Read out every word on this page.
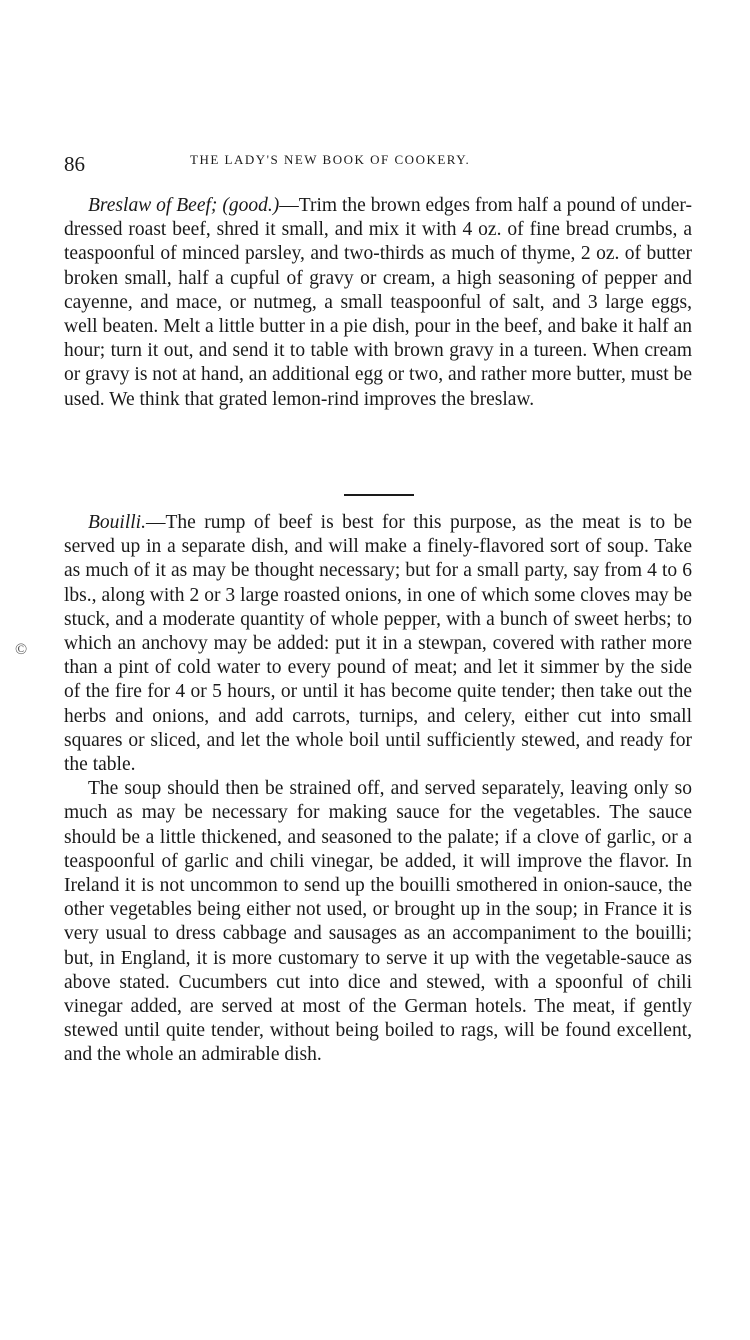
86	THE LADY'S NEW BOOK OF COOKERY.

Breslaw of Beef; (good.)—Trim the brown edges from half a pound of under-dressed roast beef, shred it small, and mix it with 4 oz. of fine bread crumbs, a teaspoonful of minced parsley, and two-thirds as much of thyme, 2 oz. of butter broken small, half a cupful of gravy or cream, a high seasoning of pepper and cayenne, and mace, or nutmeg, a small teaspoonful of salt, and 3 large eggs, well beaten. Melt a little butter in a pie dish, pour in the beef, and bake it half an hour; turn it out, and send it to table with brown gravy in a tureen. When cream or gravy is not at hand, an additional egg or two, and rather more butter, must be used. We think that grated lemon-rind improves the breslaw.

©

Bouilli.—The rump of beef is best for this purpose, as the meat is to be served up in a separate dish, and will make a finely-flavored sort of soup. Take as much of it as may be thought necessary; but for a small party, say from 4 to 6 lbs., along with 2 or 3 large roasted onions, in one of which some cloves may be stuck, and a moderate quantity of whole pepper, with a bunch of sweet herbs; to which an anchovy may be added: put it in a stewpan, covered with rather more than a pint of cold water to every pound of meat; and let it simmer by the side of the fire for 4 or 5 hours, or until it has become quite tender; then take out the herbs and onions, and add carrots, turnips, and celery, either cut into small squares or sliced, and let the whole boil until sufficiently stewed, and ready for the table.

The soup should then be strained off, and served separately, leaving only so much as may be necessary for making sauce for the vegetables. The sauce should be a little thickened, and seasoned to the palate; if a clove of garlic, or a teaspoonful of garlic and chili vinegar, be added, it will improve the flavor. In Ireland it is not uncommon to send up the bouilli smothered in onion-sauce, the other vegetables being either not used, or brought up in the soup; in France it is very usual to dress cabbage and sausages as an accompaniment to the bouilli; but, in England, it is more customary to serve it up with the vegetable-sauce as above stated. Cucumbers cut into dice and stewed, with a spoonful of chili vinegar added, are served at most of the German hotels. The meat, if gently stewed until quite tender, without being boiled to rags, will be found excellent, and the whole an admirable dish.
